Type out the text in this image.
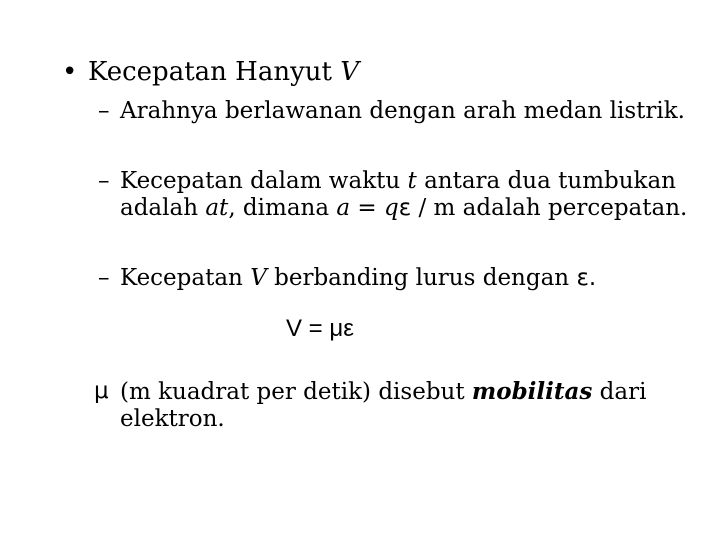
• Kecepatan Hanyut V
– Arahnya berlawanan dengan arah medan listrik.
– Kecepatan dalam waktu t antara dua tumbukan adalah at, dimana a = qε / m adalah percepatan.
– Kecepatan V berbanding lurus dengan ε.
V = με
μ (m kuadrat per detik) disebut mobilitas dari elektron.
